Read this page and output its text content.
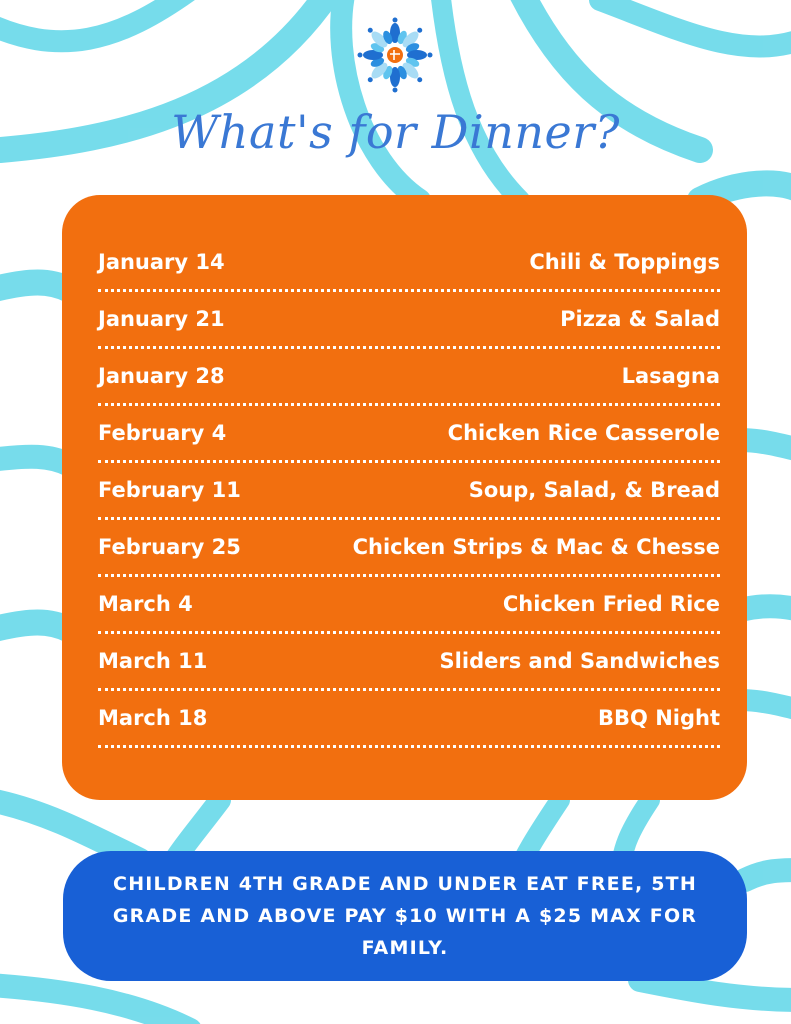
What's for Dinner?
January 14	Chili & Toppings
January 21	Pizza & Salad
January 28	Lasagna
February 4	Chicken Rice Casserole
February 11	Soup, Salad, & Bread
February 25	Chicken Strips & Mac & Chesse
March 4	Chicken Fried Rice
March 11	Sliders and Sandwiches
March 18	BBQ Night
CHILDREN 4TH GRADE AND UNDER EAT FREE, 5TH GRADE AND ABOVE PAY $10 WITH A $25 MAX FOR FAMILY.
